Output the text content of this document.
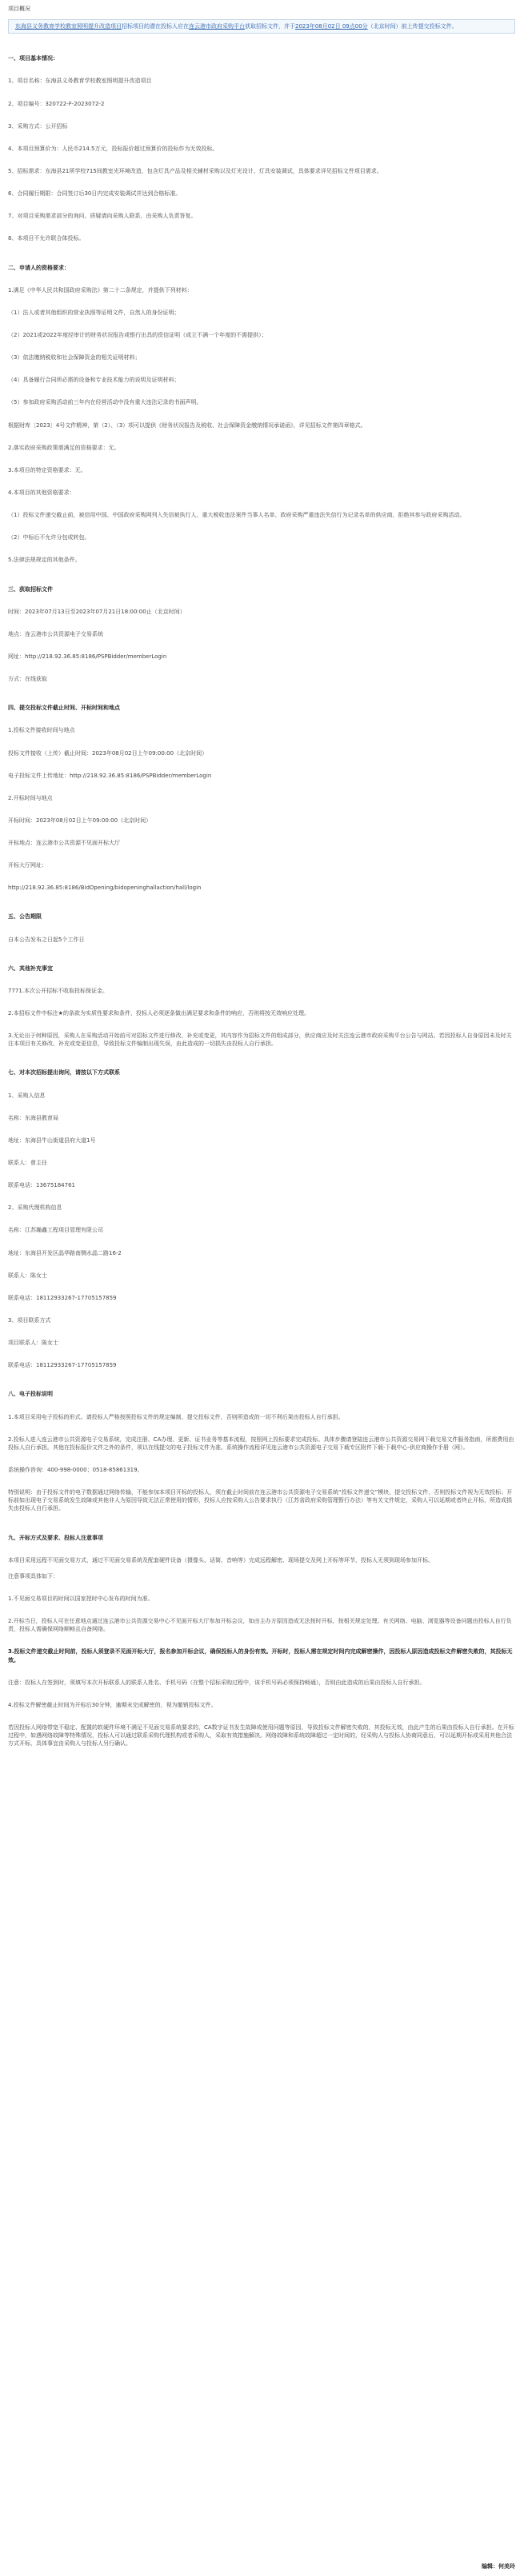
项目概况
东海县义务教育学校教室照明提升改造项目招标项目的潜在投标人应在连云港市政府采购平台获取招标文件，并于2023年08月02日 09点00分（北京时间）前上传提交投标文件。
一、项目基本情况：
1、项目名称：东海县义务教育学校教室照明提升改造项目
2、项目编号：320722-F-2023072-2
3、采购方式：公开招标
4、本项目预算价为：人民币214.5万元，投标报价超过预算价的投标作为无效投标。
5、招标需求：东海县21所学校715间教室光环境改造，包含灯具产品及相关辅材采购以及灯光设计、灯具安装调试，具体要求详见招标文件项目需求。
6、合同履行期限：合同签订后30日内完成安装调试并达到合格标准。
7、对项目采购需求部分的询问、质疑请向采购人联系，由采购人负责答复。
8、本项目不允许联合体投标。
二、申请人的资格要求：
1.满足《中华人民共和国政府采购法》第二十二条规定，并提供下列材料：
（1）法人或者其他组织的营业执照等证明文件，自然人的身份证明；
（2）2021或2022年度经审计的财务状况报告或银行出具的资信证明（成立不满一个年度的不需提供）；
（3）依法缴纳税收和社会保障资金的相关证明材料；
（4）具备履行合同所必需的设备和专业技术能力的说明及证明材料；
（5）参加政府采购活动前三年内在经营活动中没有重大违法记录的书面声明。
根据财库〔2023〕4号文件精神，第（2）、（3）项可以提供《财务状况报告及税收、社会保障资金缴纳情况承诺函》，详见招标文件第四章格式。
2.落实政府采购政策需满足的资格要求：无。
3.本项目的特定资格要求：无。
4.本项目的其他资格要求：
（1）投标文件递交截止前，被信用中国、中国政府采购网列入失信被执行人、重大税收违法案件当事人名单、政府采购严重违法失信行为记录名单的供应商，拒绝其参与政府采购活动。
（2）中标后不允许分包或转包。
5.法律法规规定的其他条件。
三、获取招标文件
时间：2023年07月13日至2023年07月21日18:00:00止（北京时间）
地点：连云港市公共资源电子交易系统
网址：http://218.92.36.85:8186/PSPBidder/memberLogin
方式：在线获取
四、提交投标文件截止时间、开标时间和地点
1.投标文件接收时间与地点
投标文件接收（上传）截止时间：2023年08月02日上午09:00:00（北京时间）
电子投标文件上传地址：http://218.92.36.85:8186/PSPBidder/memberLogin
2.开标时间与地点
开标时间：2023年08月02日上午09:00:00（北京时间）
开标地点：连云港市公共资源不见面开标大厅
开标大厅网址：
http://218.92.36.85:8186/BidOpening/bidopeninghallaction/hall/login
五、公告期限
自本公告发布之日起5个工作日
六、其他补充事宜
7771.本次公开招标不收取投标保证金。
2.本招标文件中标注★的条款为实质性要求和条件，投标人必须逐条做出满足要求和条件的响应，否则将按无效响应处理。
3.无论出于何种原因，采购人在采购活动开始前可对招标文件进行修改、补充或变更，其内容作为招标文件的组成部分，供应商应及时关注连云港市政府采购平台公告与网站。若因投标人自身原因未及时关注本项目有关修改、补充或变更信息，导致投标文件编制出现失误，由此造成的一切损失由投标人自行承担。
七、对本次招标提出询问，请按以下方式联系
1、采购人信息
名称：东海县教育局
地址：东海县牛山街道县府大道1号
联系人：曾主任
联系电话：13675184761
2、采购代理机构信息
名称：江苏瀚鑫工程项目管理有限公司
地址：东海县开发区晶华路南侧水晶二路16-2
联系人：陈女士
联系电话：18112933267-17705157859
3、项目联系方式
项目联系人：陈女士
联系电话：18112933267-17705157859
八、电子投标说明
1.本项目采用电子投标的形式。请投标人严格按照投标文件的规定编制、提交投标文件，否则所造成的一切不利后果由投标人自行承担。
2.投标人进入连云港市公共资源电子交易系统，完成注册、CA办理、更新、证书业务等基本流程，按照网上投标要求完成投标。具体步骤请登陆连云港市公共资源交易网下载交易文件服务指南，所需费用由投标人自行承担。其他在投标报价文件之外的条件，须以在线提交的电子投标文件为准。系统操作流程详见连云港市公共资源电子交易下载专区附件下载-下载中心-供应商操作手册（网）。
系统操作咨询：400-998-0000；0518-85861319。
特别说明：由于投标文件的电子数据通过网络传输，不能参加本项目开标的投标人，须在截止时间前在连云港市公共资源电子交易系统“投标文件递交”模块，提交投标文件，否则投标文件视为无效投标；开标前如出现电子交易系统发生故障或其他非人为原因导致无法正常使用的情形，投标人应按采购人公告要求执行（江苏省政府采购管理暂行办法）等有关文件规定，采购人可以延期或者终止开标，所造成损失由投标人自行承担。
九、开标方式及要求、投标人注意事项
本项目采用远程不见面交易方式，通过不见面交易系统及配套硬件设备（摄像头、话筒、音响等）完成远程解密、现场提交及网上开标等环节，投标人无须到现场参加开标。
注意事项具体如下：
1.不见面交易项目的时间以国家授时中心发布的时间为准。
2.开标当日，投标人可在任意地点通过连云港市公共资源交易中心不见面开标大厅参加开标会议，如由主办方原因造成无法按时开标，按相关规定处理。有关网络、电脑、浏览器等设备问题由投标人自行负责，投标人需确保网络顺畅且自备网络。
3.投标文件递交截止时间前，投标人须登录不见面开标大厅，报名参加开标会议，确保投标人的身份有效。开标时，投标人需在规定时间内完成解密操作，因投标人原因造成投标文件解密失败的，其投标无效。
注意：投标人在签到时，须填写本次开标联系人的联系人姓名、手机号码（在整个招标采购过程中，该手机号码必须保持畅通），否则由此造成的后果由投标人自行承担。
4.投标文件解密截止时间为开标后30分钟，逾期未完成解密的，视为撤销投标文件。
若因投标人网络带宽不稳定、配置的软硬件环境不满足不见面交易系统要求的，CA数字证书发生故障或使用问题等原因，导致投标文件解密失败的，其投标无效，由此产生的后果由投标人自行承担。在开标过程中，如遇网络故障等特殊情况，投标人可以通过联系采购代理机构或者采购人，采取有效措施解决。网络故障和系统故障超过一定时间的，经采购人与投标人协商同意后，可以延期开标或采用其他合法方式开标，具体事宜由采购人与投标人另行确认。
编辑：何美玲
